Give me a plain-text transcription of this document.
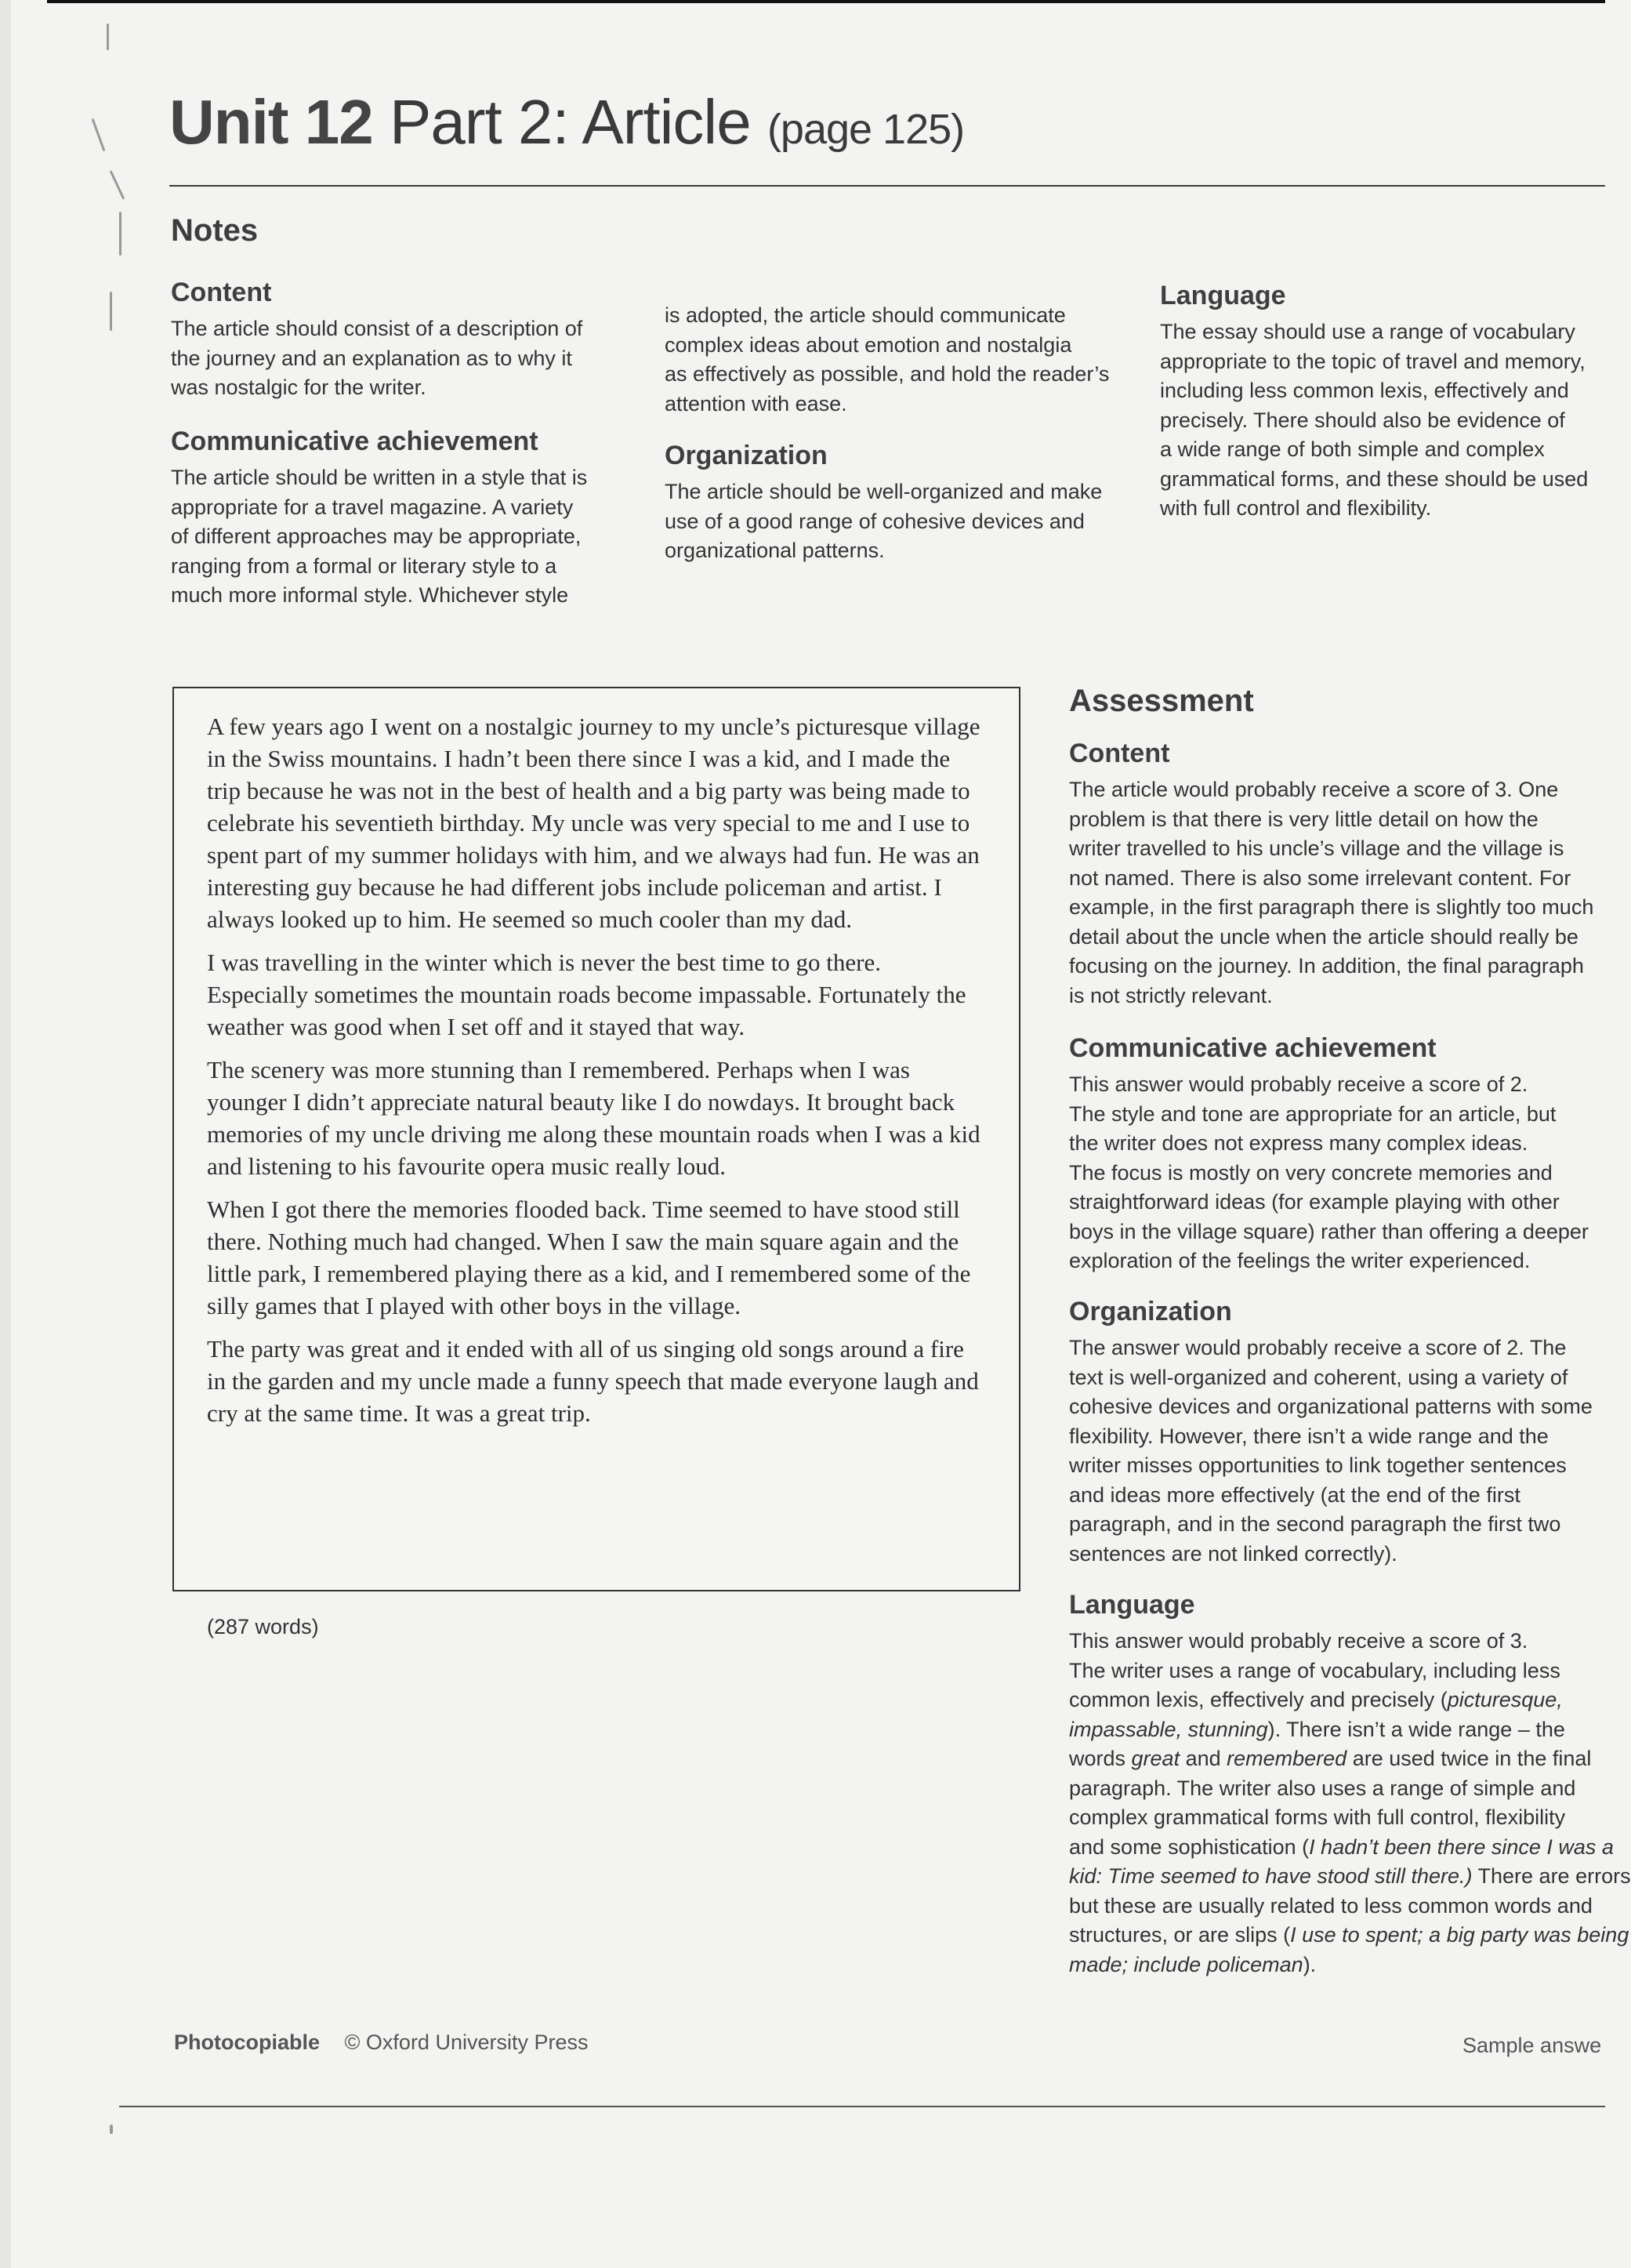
Unit 12 Part 2: Article (page 125)
Notes
Content

The article should consist of a description of
the journey and an explanation as to why it
was nostalgic for the writer.

Communicative achievement

The article should be written in a style that is
appropriate for a travel magazine. A variety
of different approaches may be appropriate,
ranging from a formal or literary style to a
much more informal style. Whichever style

is adopted, the article should communicate
complex ideas about emotion and nostalgia
as effectively as possible, and hold the reader’s
attention with ease.

Organization

The article should be well-organized and make
use of a good range of cohesive devices and
organizational patterns.

Language

The essay should use a range of vocabulary
appropriate to the topic of travel and memory,
including less common lexis, effectively and
precisely. There should also be evidence of
a wide range of both simple and complex
grammatical forms, and these should be used
with full control and flexibility.

A few years ago I went on a nostalgic journey to my uncle’s picturesque village in the Swiss mountains. I hadn’t been there since I was a kid, and I made the trip because he was not in the best of health and a big party was being made to celebrate his seventieth birthday. My uncle was very special to me and I use to spent part of my summer holidays with him, and we always had fun. He was an interesting guy because he had different jobs include policeman and artist. I always looked up to him. He seemed so much cooler than my dad.

I was travelling in the winter which is never the best time to go there. Especially sometimes the mountain roads become impassable. Fortunately the weather was good when I set off and it stayed that way.

The scenery was more stunning than I remembered. Perhaps when I was younger I didn’t appreciate natural beauty like I do nowdays. It brought back memories of my uncle driving me along these mountain roads when I was a kid and listening to his favourite opera music really loud.

When I got there the memories flooded back. Time seemed to have stood still there. Nothing much had changed. When I saw the main square again and the little park, I remembered playing there as a kid, and I remembered some of the silly games that I played with other boys in the village.

The party was great and it ended with all of us singing old songs around a fire in the garden and my uncle made a funny speech that made everyone laugh and cry at the same time. It was a great trip.

(287 words)
Assessment
Content

The article would probably receive a score of 3. One
problem is that there is very little detail on how the
writer travelled to his uncle’s village and the village is
not named. There is also some irrelevant content. For
example, in the first paragraph there is slightly too much
detail about the uncle when the article should really be
focusing on the journey. In addition, the final paragraph
is not strictly relevant.

Communicative achievement

This answer would probably receive a score of 2.
The style and tone are appropriate for an article, but
the writer does not express many complex ideas.
The focus is mostly on very concrete memories and
straightforward ideas (for example playing with other
boys in the village square) rather than offering a deeper
exploration of the feelings the writer experienced.

Organization

The answer would probably receive a score of 2. The
text is well-organized and coherent, using a variety of
cohesive devices and organizational patterns with some
flexibility. However, there isn’t a wide range and the
writer misses opportunities to link together sentences
and ideas more effectively (at the end of the first
paragraph, and in the second paragraph the first two
sentences are not linked correctly).

Language

This answer would probably receive a score of 3.
The writer uses a range of vocabulary, including less
common lexis, effectively and precisely (picturesque,
impassable, stunning). There isn’t a wide range – the
words great and remembered are used twice in the final
paragraph. The writer also uses a range of simple and
complex grammatical forms with full control, flexibility
and some sophistication (I hadn’t been there since I was a
kid: Time seemed to have stood still there.) There are errors
but these are usually related to less common words and
structures, or are slips (I use to spent; a big party was being
made; include policeman).

Photocopiable © Oxford University Press	Sample answe
